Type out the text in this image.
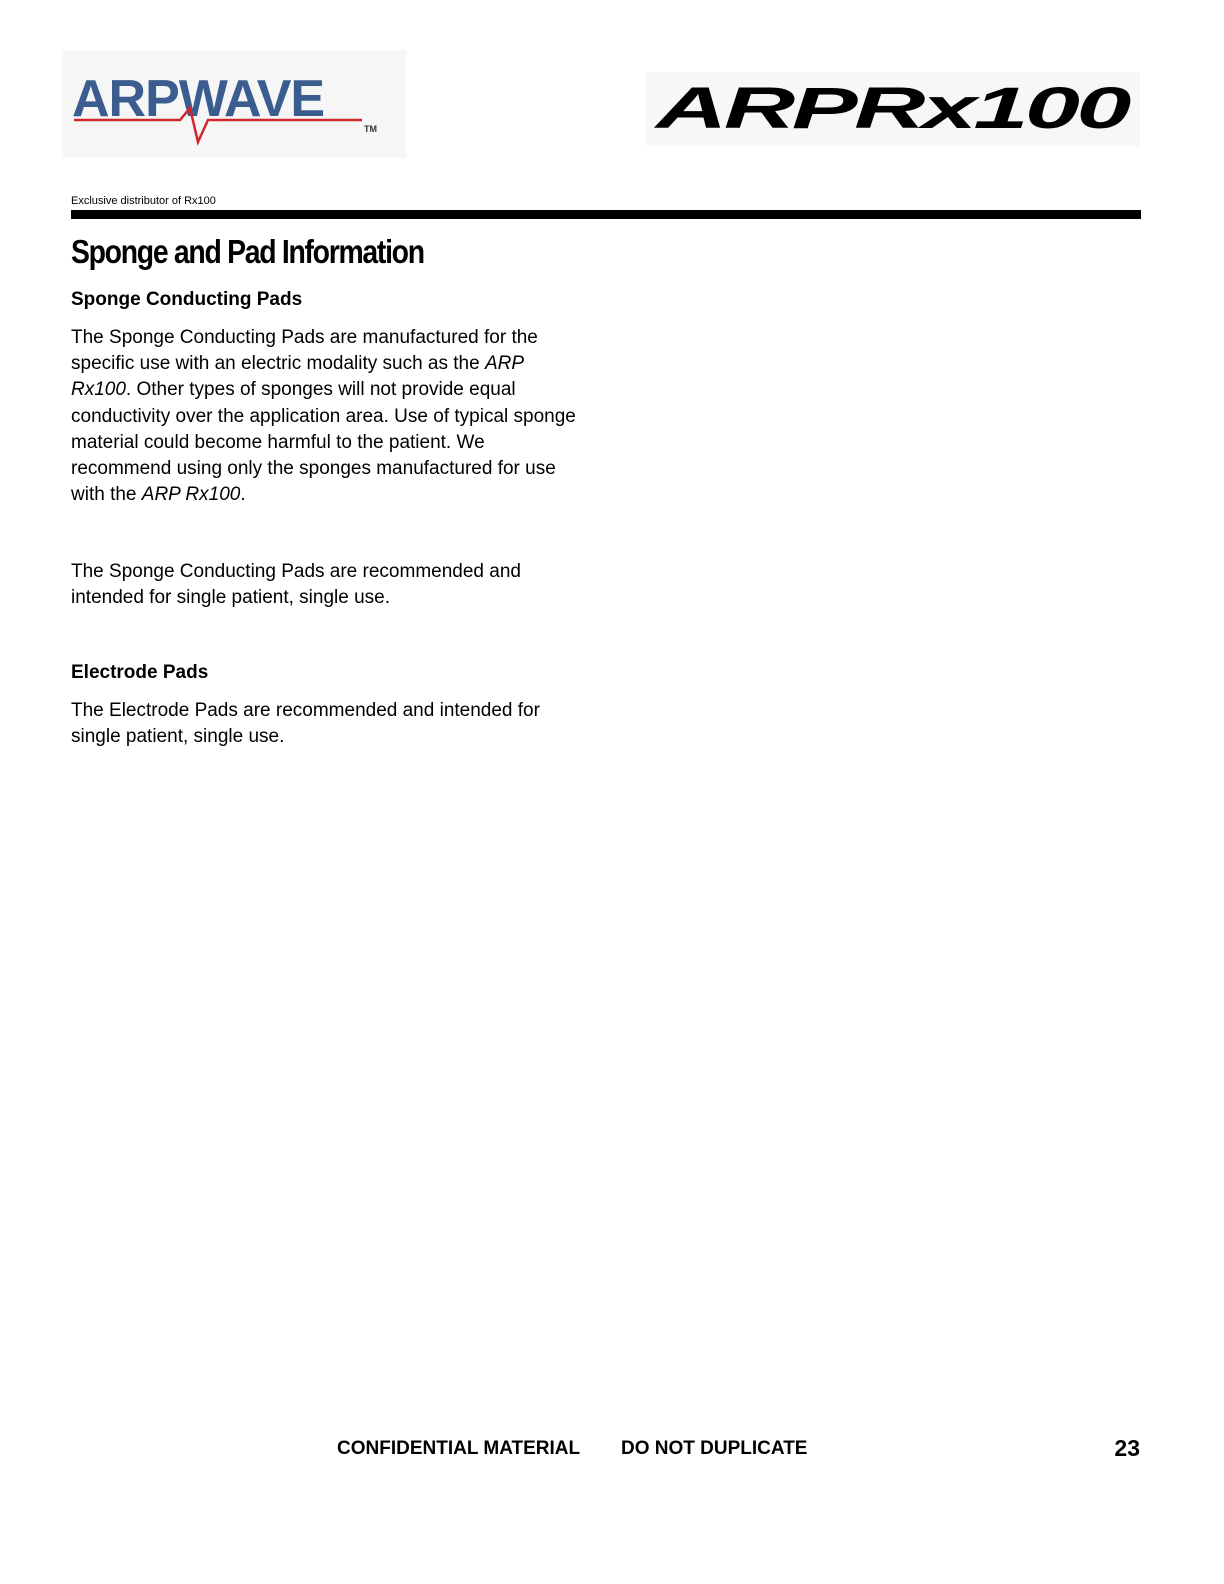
ARPWAVE
TM	ARPRx100
Exclusive distributor of Rx100
Sponge and Pad Information
Sponge Conducting Pads

The Sponge Conducting Pads are manufactured for the specific use with an electric modality such as the ARP Rx100. Other types of sponges will not provide equal conductivity over the application area. Use of typical sponge material could become harmful to the patient. We recommend using only the sponges manufactured for use with the ARP Rx100.

The Sponge Conducting Pads are recommended and intended for single patient, single use.

Electrode Pads

The Electrode Pads are recommended and intended for single patient, single use.

CONFIDENTIAL MATERIAL DO NOT DUPLICATE	23
